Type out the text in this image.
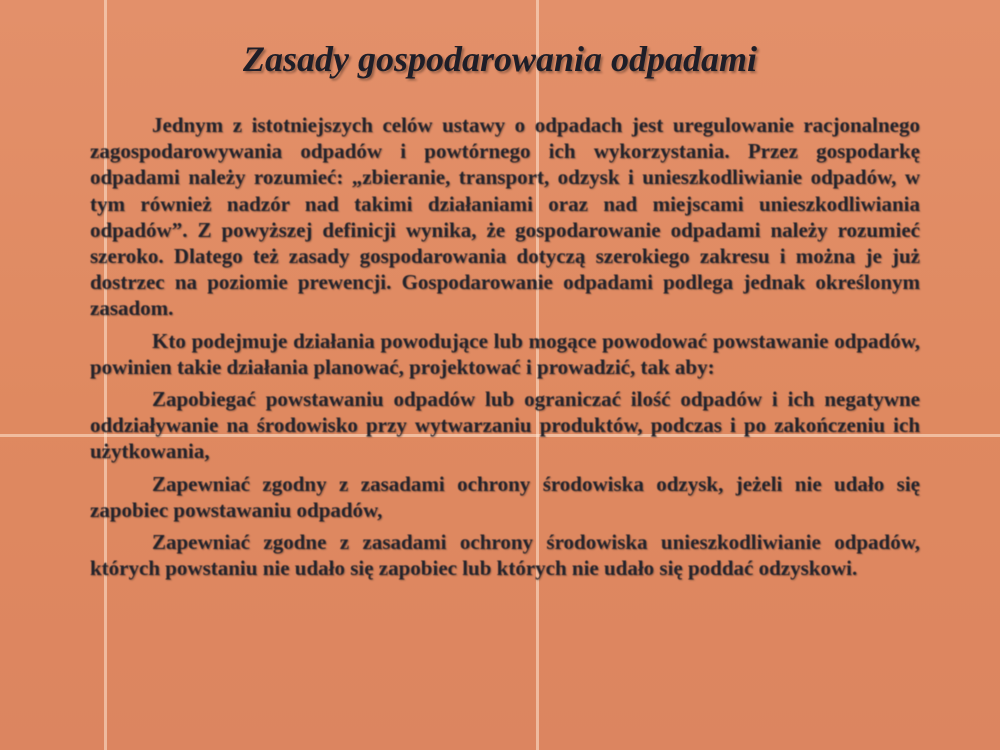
Zasady gospodarowania odpadami

Jednym z istotniejszych celów ustawy o odpadach jest uregulowanie racjonalnego zagospodarowywania odpadów i powtórnego ich wykorzystania. Przez gospodarkę odpadami należy rozumieć: „zbieranie, transport, odzysk i unieszkodliwianie odpadów, w tym również nadzór nad takimi działaniami oraz nad miejscami unieszkodliwiania odpadów”. Z powyższej definicji wynika, że gospodarowanie odpadami należy rozumieć szeroko. Dlatego też zasady gospodarowania dotyczą szerokiego zakresu i można je już dostrzec na poziomie prewencji. Gospodarowanie odpadami podlega jednak określonym zasadom.

Kto podejmuje działania powodujące lub mogące powodować powstawanie odpadów, powinien takie działania planować, projektować i prowadzić, tak aby:

Zapobiegać powstawaniu odpadów lub ograniczać ilość odpadów i ich negatywne oddziaływanie na środowisko przy wytwarzaniu produktów, podczas i po zakończeniu ich użytkowania,

Zapewniać zgodny z zasadami ochrony środowiska odzysk, jeżeli nie udało się zapobiec powstawaniu odpadów,

Zapewniać zgodne z zasadami ochrony środowiska unieszkodliwianie odpadów, których powstaniu nie udało się zapobiec lub których nie udało się poddać odzyskowi.
